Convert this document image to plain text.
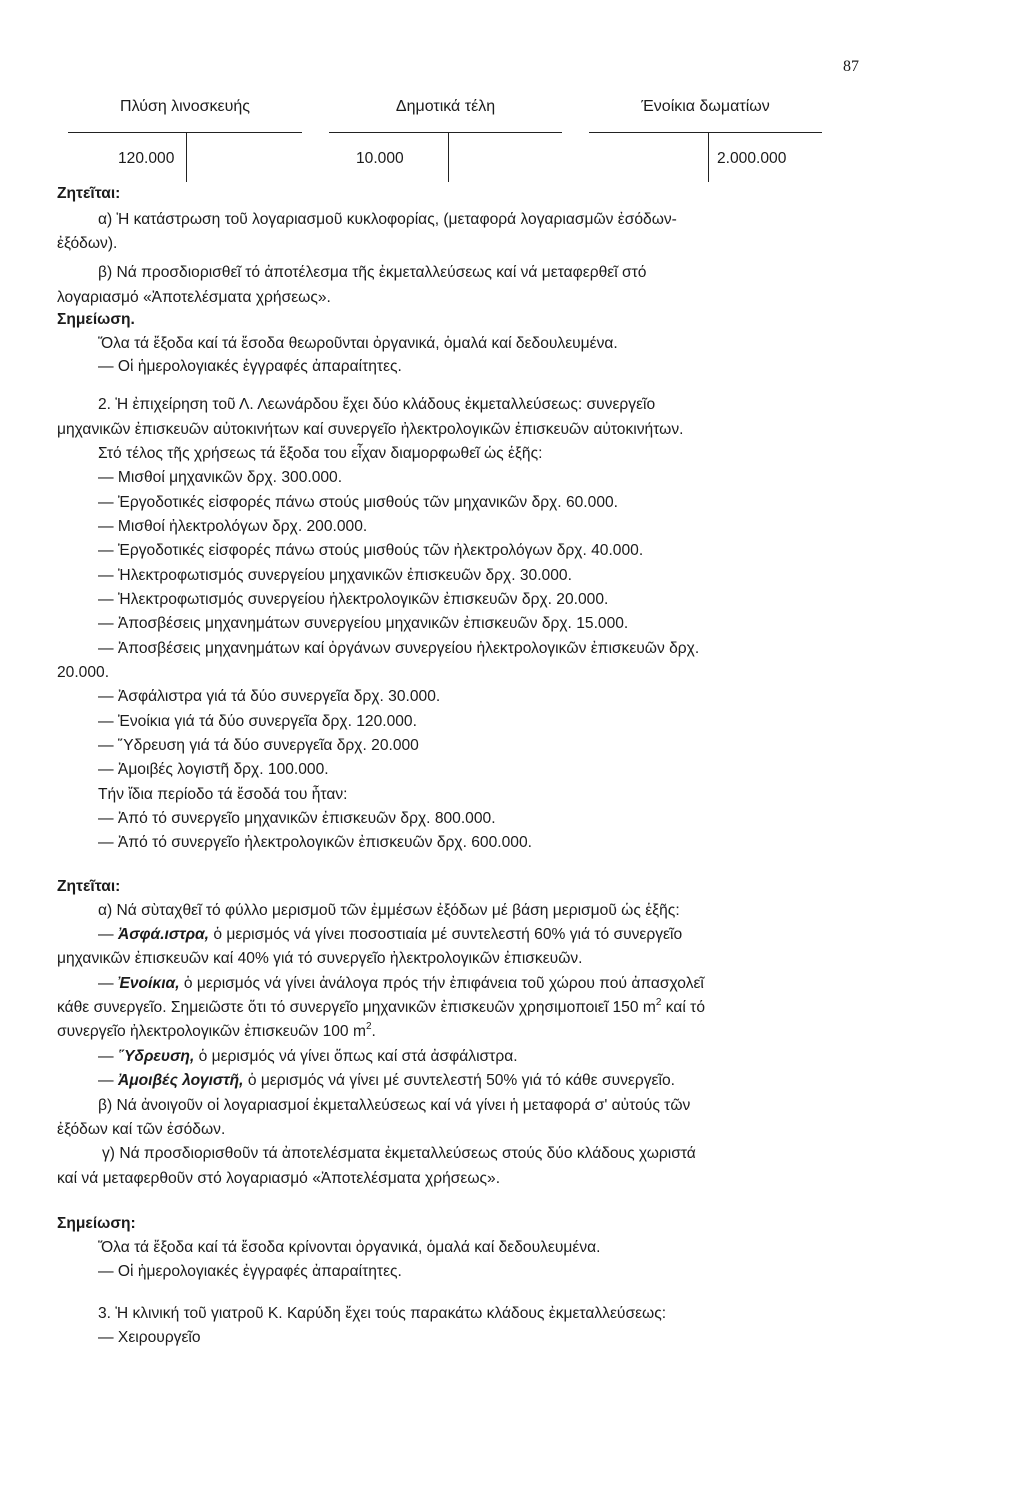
87
Πλύση λινοσκευής
120.000
Δημοτικά τέλη
10.000
Ένοίκια δωματίων
2.000.000
Ζητεῖται:
α) Ἡ κατάστρωση τοῦ λογαριασμοῦ κυκλοφορίας, (μεταφορά λογαριασμῶν ἐσόδων-
ἐξόδων).
β) Νά προσδιορισθεῖ τό ἀποτέλεσμα τῆς ἐκμεταλλεύσεως καί νά μεταφερθεῖ στό
λογαριασμό «Ἀποτελέσματα χρήσεως».
Σημείωση.
Ὅλα τά ἔξοδα καί τά ἔσοδα θεωροῦνται ὀργανικά, ὁμαλά καί δεδουλευμένα.
— Οἱ ἡμερολογιακές ἐγγραφές ἀπαραίτητες.
2. Ἡ ἐπιχείρηση τοῦ Λ. Λεωνάρδου ἔχει δύο κλάδους ἐκμεταλλεύσεως: συνεργεῖο
μηχανικῶν ἐπισκευῶν αὐτοκινήτων καί συνεργεῖο ἠλεκτρολογικῶν ἐπισκευῶν αὐτοκινήτων.
Στό τέλος τῆς χρήσεως τά ἔξοδα του εἶχαν διαμορφωθεῖ ὡς ἑξῆς:
— Μισθοί μηχανικῶν δρχ. 300.000.
— Ἐργοδοτικές εἰσφορές πάνω στούς μισθούς τῶν μηχανικῶν δρχ. 60.000.
— Μισθοί ἠλεκτρολόγων δρχ. 200.000.
— Ἐργοδοτικές εἰσφορές πάνω στούς μισθούς τῶν ἠλεκτρολόγων δρχ. 40.000.
— Ἠλεκτροφωτισμός συνεργείου μηχανικῶν ἐπισκευῶν δρχ. 30.000.
— Ἠλεκτροφωτισμός συνεργείου ἠλεκτρολογικῶν ἐπισκευῶν δρχ. 20.000.
— Ἀποσβέσεις μηχανημάτων συνεργείου μηχανικῶν ἐπισκευῶν δρχ. 15.000.
— Ἀποσβέσεις μηχανημάτων καί ὀργάνων συνεργείου ἠλεκτρολογικῶν ἐπισκευῶν δρχ.
20.000.
— Ἀσφάλιστρα γιά τά δύο συνεργεῖα δρχ. 30.000.
— Ἐνοίκια γιά τά δύο συνεργεῖα δρχ. 120.000.
— Ὕδρευση γιά τά δύο συνεργεῖα δρχ. 20.000
— Ἀμοιβές λογιστῆ δρχ. 100.000.
Τήν ἴδια περίοδο τά ἔσοδά του ἦταν:
— Ἀπό τό συνεργεῖο μηχανικῶν ἐπισκευῶν δρχ. 800.000.
— Ἀπό τό συνεργεῖο ἠλεκτρολογικῶν ἐπισκευῶν δρχ. 600.000.
Ζητεῖται:
α) Νά σὺταχθεῖ τό φύλλο μερισμοῦ τῶν ἐμμέσων ἐξόδων μέ βάση μερισμοῦ ὡς ἑξῆς:
— Ἀσφά.ιστρα, ὁ μερισμός νά γίνει ποσοστιαία μέ συντελεστή 60% γιά τό συνεργεῖο
μηχανικῶν ἐπισκευῶν καί 40% γιά τό συνεργεῖο ἠλεκτρολογικῶν ἐπισκευῶν.
— Ἐνοίκια, ὁ μερισμός νά γίνει ἀνάλογα πρός τήν ἐπιφάνεια τοῦ χώρου πού ἀπασχολεῖ
κάθε συνεργεῖο. Σημειῶστε ὅτι τό συνεργεῖο μηχανικῶν ἐπισκευῶν χρησιμοποιεῖ 150 $m^2$ καί τό
συνεργεῖο ἠλεκτρολογικῶν ἐπισκευῶν 100 $m^2$.
— Ὕδρευση, ὁ μερισμός νά γίνει ὅπως καί στά ἀσφάλιστρα.
— Ἀμοιβές λογιστῆ, ὁ μερισμός νά γίνει μέ συντελεστή 50% γιά τό κάθε συνεργεῖο.
β) Νά ἀνοιγοῦν οἱ λογαριασμοί ἐκμεταλλεύσεως καί νά γίνει ἡ μεταφορά σ' αὐτούς τῶν
ἐξόδων καί τῶν ἐσόδων.
γ) Νά προσδιορισθοῦν τά ἀποτελέσματα ἐκμεταλλεύσεως στούς δύο κλάδους χωριστά
καί νά μεταφερθοῦν στό λογαριασμό «Ἀποτελέσματα χρήσεως».
Σημείωση:
Ὅλα τά ἔξοδα καί τά ἔσοδα κρίνονται ὀργανικά, ὁμαλά καί δεδουλευμένα.
— Οἱ ἡμερολογιακές ἐγγραφές ἀπαραίτητες.
3. Ἡ κλινική τοῦ γιατροῦ Κ. Καρύδη ἔχει τούς παρακάτω κλάδους ἐκμεταλλεύσεως:
— Χειρουργεῖο
